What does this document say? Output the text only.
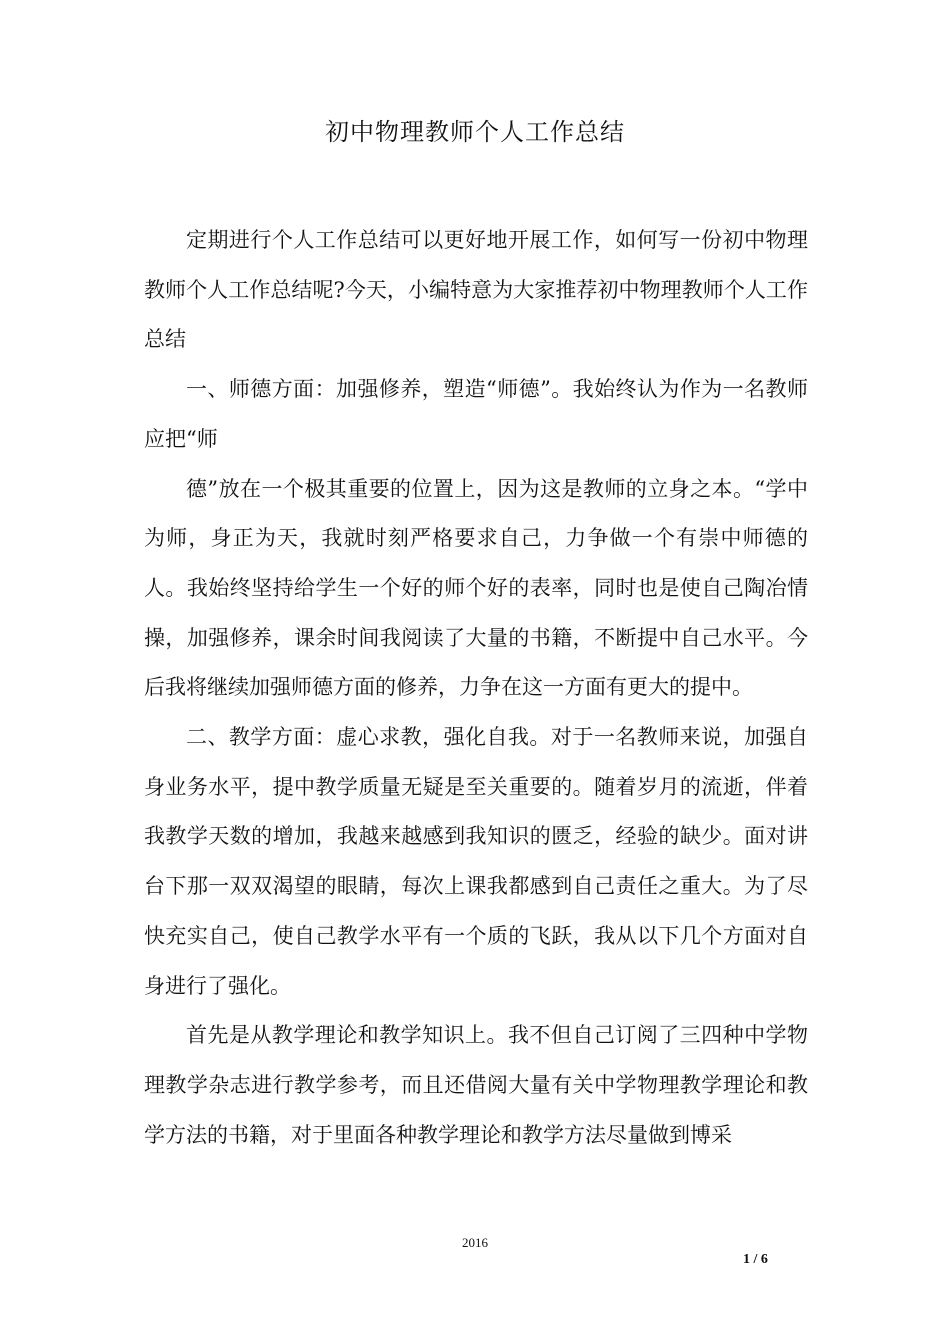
初中物理教师个人工作总结

定期进行个人工作总结可以更好地开展工作，如何写一份初中物理教师个人工作总结呢?今天，小编特意为大家推荐初中物理教师个人工作总结

一、师德方面：加强修养，塑造“师德”。我始终认为作为一名教师应把“师

德”放在一个极其重要的位置上，因为这是教师的立身之本。“学中为师，身正为天，我就时刻严格要求自己，力争做一个有崇中师德的人。我始终坚持给学生一个好的师个好的表率，同时也是使自己陶冶情操，加强修养，课余时间我阅读了大量的书籍，不断提中自己水平。今后我将继续加强师德方面的修养，力争在这一方面有更大的提中。

二、教学方面：虚心求教，强化自我。对于一名教师来说，加强自身业务水平，提中教学质量无疑是至关重要的。随着岁月的流逝，伴着我教学天数的增加，我越来越感到我知识的匮乏，经验的缺少。面对讲台下那一双双渴望的眼睛，每次上课我都感到自己责任之重大。为了尽快充实自己，使自己教学水平有一个质的飞跃，我从以下几个方面对自身进行了强化。

首先是从教学理论和教学知识上。我不但自己订阅了三四种中学物理教学杂志进行教学参考，而且还借阅大量有关中学物理教学理论和教学方法的书籍，对于里面各种教学理论和教学方法尽量做到博采

2016
1 / 6
